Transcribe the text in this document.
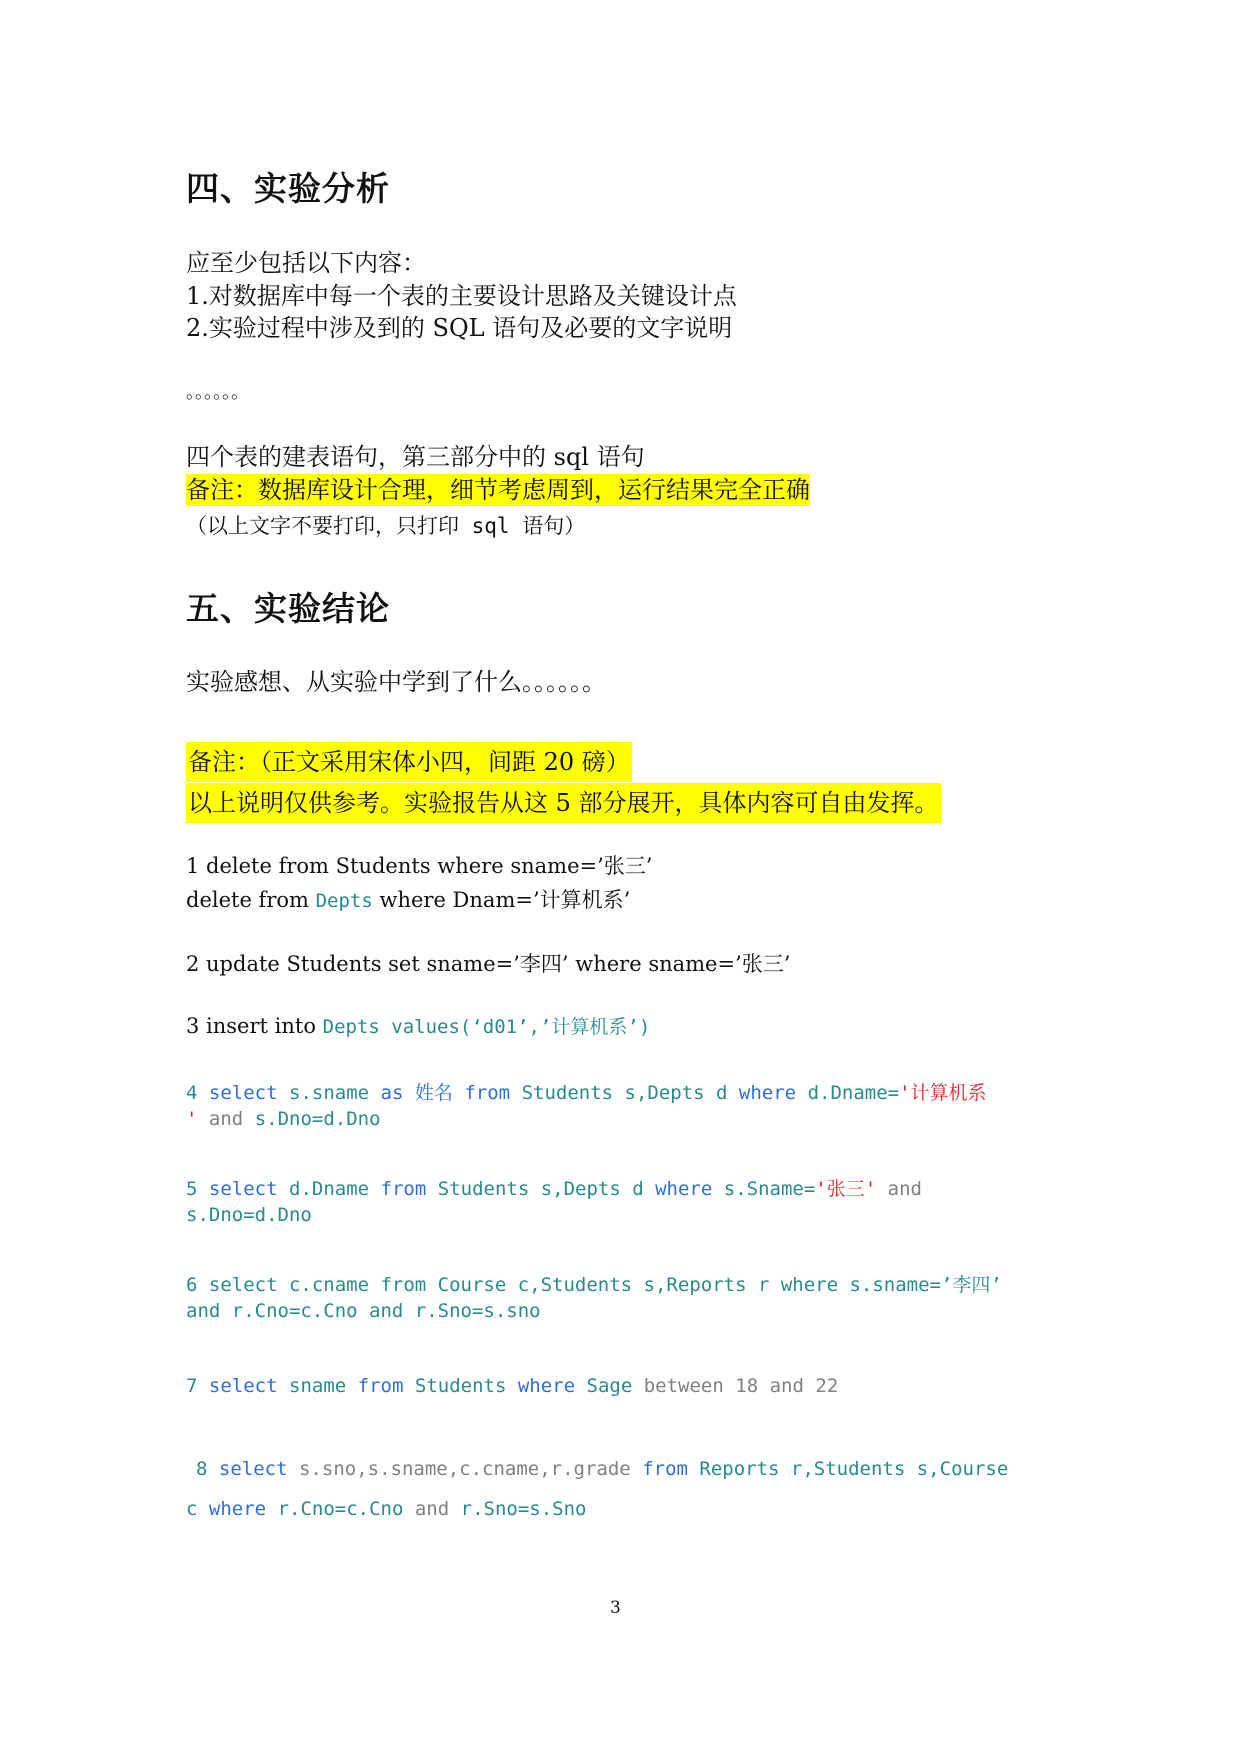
四、实验分析
应至少包括以下内容：
1.对数据库中每一个表的主要设计思路及关键设计点
2.实验过程中涉及到的 SQL 语句及必要的文字说明
。。。。。。
四个表的建表语句，第三部分中的 sql 语句
备注：数据库设计合理，细节考虑周到，运行结果完全正确
（以上文字不要打印，只打印 sql 语句）
五、实验结论
实验感想、从实验中学到了什么。。。。。。
备注：（正文采用宋体小四，间距 20 磅）
以上说明仅供参考。实验报告从这 5 部分展开，具体内容可自由发挥。
1 delete from Students where sname=’张三’
delete from Depts where Dnam=’计算机系’
2 update Students set sname=’李四’ where sname=’张三’
3 insert into Depts values(‘d01’,’计算机系’)
4 select s.sname as 姓名 from Students s,Depts d where d.Dname='计算机系
' and s.Dno=d.Dno
5 select d.Dname from Students s,Depts d where s.Sname='张三' and
s.Dno=d.Dno
6 select c.cname from Course c,Students s,Reports r where s.sname=’李四’
and r.Cno=c.Cno and r.Sno=s.sno
7 select sname from Students where Sage between 18 and 22
8 select s.sno,s.sname,c.cname,r.grade from Reports r,Students s,Course
c where r.Cno=c.Cno and r.Sno=s.Sno
3
